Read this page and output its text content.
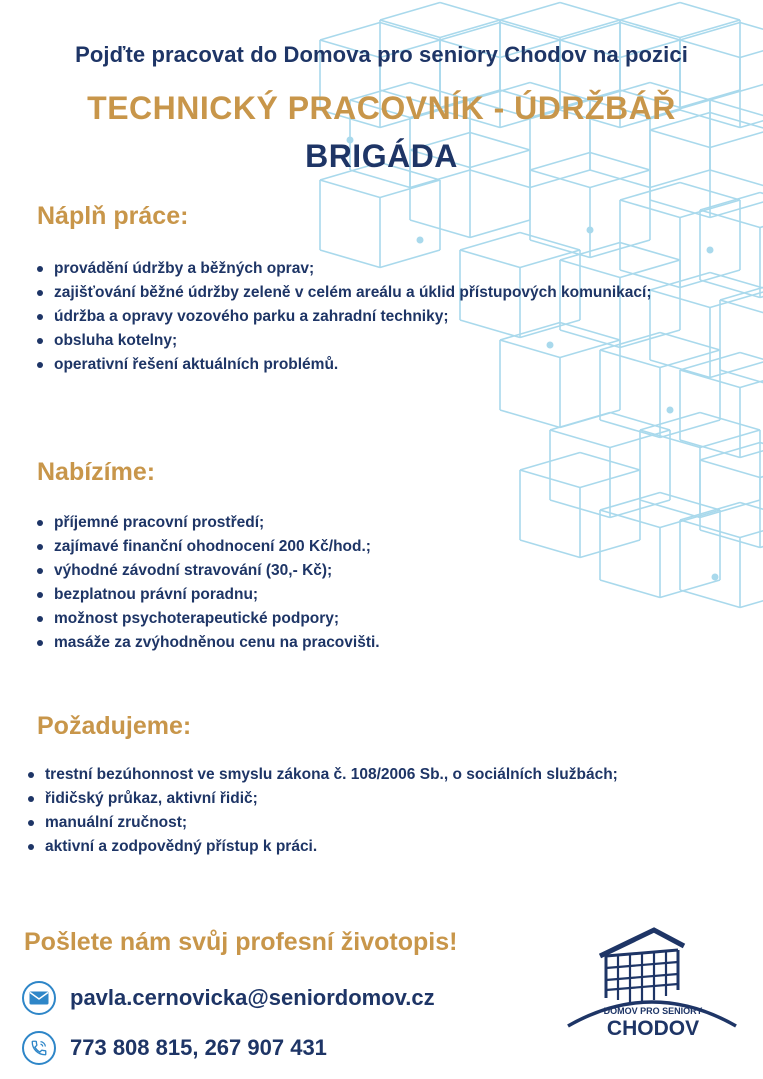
Pojďte pracovat do Domova pro seniory Chodov na pozici
TECHNICKÝ PRACOVNÍK - ÚDRŽBÁŘ
BRIGÁDA
Náplň práce:
provádění údržby a běžných oprav;
zajišťování běžné údržby zeleně v celém areálu a úklid přístupových komunikací;
údržba a opravy vozového parku a zahradní techniky;
obsluha kotelny;
operativní řešení aktuálních problémů.
Nabízíme:
příjemné pracovní prostředí;
zajímavé finanční ohodnocení 200 Kč/hod.;
výhodné závodní stravování (30,- Kč);
bezplatnou právní poradnu;
možnost psychoterapeutické podpory;
masáže za zvýhodněnou cenu na pracovišti.
Požadujeme:
trestní bezúhonnost ve smyslu zákona č. 108/2006 Sb., o sociálních službách;
řidičský průkaz, aktivní řidič;
manuální zručnost;
aktivní a zodpovědný přístup k práci.
Pošlete nám svůj profesní životopis!
pavla.cernovicka@seniordomov.cz
773 808 815, 267 907 431
DOMOV PRO SENIORY
CHODOV
